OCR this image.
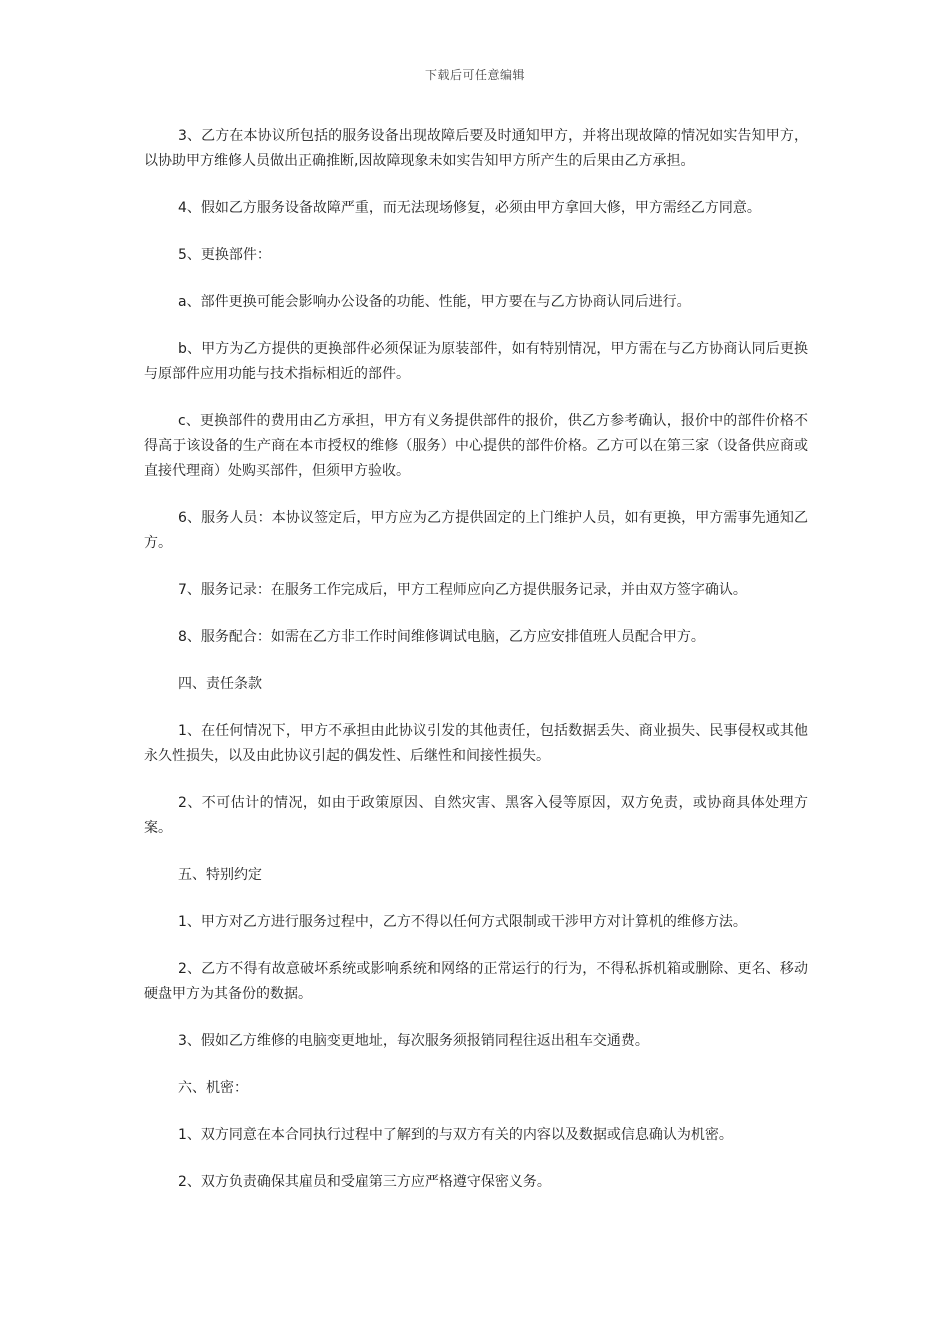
下载后可任意编辑

3、乙方在本协议所包括的服务设备出现故障后要及时通知甲方，并将出现故障的情况如实告知甲方，以协助甲方维修人员做出正确推断,因故障现象未如实告知甲方所产生的后果由乙方承担。

4、假如乙方服务设备故障严重，而无法现场修复，必须由甲方拿回大修，甲方需经乙方同意。

5、更换部件：

a、部件更换可能会影响办公设备的功能、性能，甲方要在与乙方协商认同后进行。

b、甲方为乙方提供的更换部件必须保证为原装部件，如有特别情况，甲方需在与乙方协商认同后更换与原部件应用功能与技术指标相近的部件。

c、更换部件的费用由乙方承担，甲方有义务提供部件的报价，供乙方参考确认，报价中的部件价格不得高于该设备的生产商在本市授权的维修（服务）中心提供的部件价格。乙方可以在第三家（设备供应商或直接代理商）处购买部件，但须甲方验收。

6、服务人员：本协议签定后，甲方应为乙方提供固定的上门维护人员，如有更换，甲方需事先通知乙方。

7、服务记录：在服务工作完成后，甲方工程师应向乙方提供服务记录，并由双方签字确认。

8、服务配合：如需在乙方非工作时间维修调试电脑，乙方应安排值班人员配合甲方。

四、责任条款

1、在任何情况下，甲方不承担由此协议引发的其他责任，包括数据丢失、商业损失、民事侵权或其他永久性损失，以及由此协议引起的偶发性、后继性和间接性损失。

2、不可估计的情况，如由于政策原因、自然灾害、黑客入侵等原因，双方免责，或协商具体处理方案。

五、特别约定

1、甲方对乙方进行服务过程中，乙方不得以任何方式限制或干涉甲方对计算机的维修方法。

2、乙方不得有故意破坏系统或影响系统和网络的正常运行的行为，不得私拆机箱或删除、更名、移动硬盘甲方为其备份的数据。

3、假如乙方维修的电脑变更地址，每次服务须报销同程往返出租车交通费。

六、机密：

1、双方同意在本合同执行过程中了解到的与双方有关的内容以及数据或信息确认为机密。

2、双方负责确保其雇员和受雇第三方应严格遵守保密义务。
